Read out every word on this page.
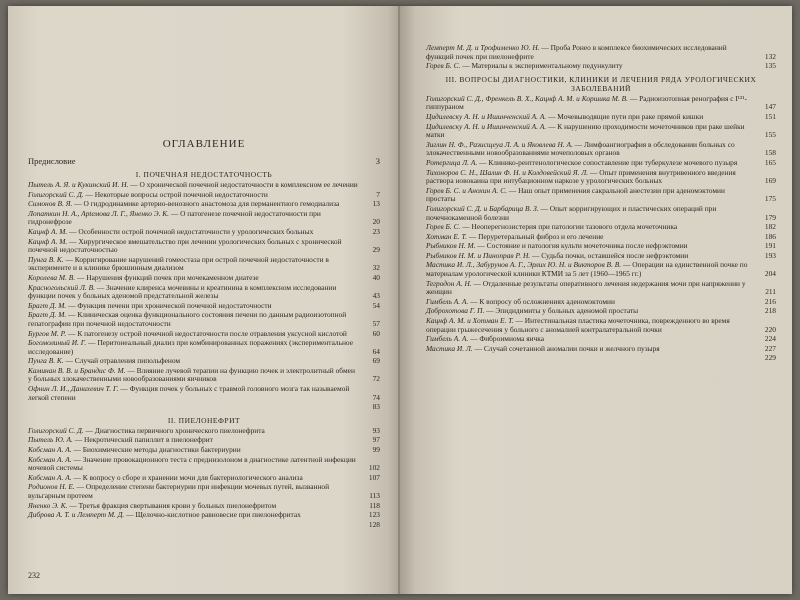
ОГЛАВЛЕНИЕ
Предисловие	3
I. ПОЧЕЧНАЯ НЕДОСТАТОЧНОСТЬ
Пытель А. Я. и Кукинский И. Н. — О хронической почечной недостаточности в комплексном ее лечении
Голигорский С. Д. — Некоторые вопросы острой почечной недостаточности	7
Симонов В. Я. — О гидродинамике артерио-венозного анастомоза для перманентного гемодиализа	13
Лопаткин Н. А., Арtемова Л. Г., Яненко Э. К. — О патогенезе почечной недостаточности при гидронефрозе	20
Кацнф А. М. — Особенности острой почечной недостаточности у урологических больных	23
Кацнф А. М. — Хирургическое вмешательство при лечении урологических больных с хронической почечной недостаточностью	29
Пунга В. К. — Корригирование нарушений гомеостаза при острой почечной недостаточности в эксперименте и в клинике брюшинным диализом	32
Королева М. В. — Нарушения функций почек при мочекаменном диатезе	40
Красногольский Л. В. — Значение клиренса мочевины и креатинина в комплексном исследовании функции почек у больных аденомой предстательной железы	43
Брагт Д. М. — Функция печени при хронической почечной недостаточности	54
Брагт Д. М. — Клиническая оценка функционального состояния печени по данным радиоизотопной гепатографии при почечной недостаточности	57
Бургов М. Р. — К патогенезу острой почечной недостаточности после отравления уксусной кислотой	60
Богомолиный И. Г. — Перитонеальный диализ при комбинированных поражениях (экспериментальное исследование)	64
Пунга В. К. — Случай отравления пипольфеном	69
Каминан В. В. и Брандис Ф. М. — Влияние лучевой терапии на функцию почек и электролитный обмен у больных злокачественными новообразованиями яичников	72
Офнин Л. И., Данихевич Т. Г. — Функция почек у больных с травмой головного мозга так называемой легкой степени	74
83
II. ПИЕЛОНЕФРИТ
Голигорский С. Д. — Диагностика первичного хронического пиелонефрита	93
Пытель Ю. А. — Некротический папиллит в пиелонефрит	97
Кобсман А. А. — Биохимические методы диагностики бактериурии	99
Кобсман А. А. — Значение провокационного теста с преднизолоном в диагностике латентной инфекции мочевой системы	102
Кобсман А. А. — К вопросу о сборе и хранении мочи для бактериологического анализа	107
Родионов Н. Е. — Определение степени бактериурии при инфекции мочевых путей, вызванной вульгарным протеем	113
Яненко Э. К. — Третья фракция свертывания крови у больных пиелонефритом	118
Диброва А. Т. и Лемперт М. Д. — Щелочно-кислотное равновесие при пиелонефритах	123
128
232
Лемперт М. Д. и Трофименко Ю. Н. — Проба Ронео в комплексе биохимических исследований функций почек при пиелонефрите	132
Горев Б. С. — Материалы к экспериментальному педункулиту	135
III. ВОПРОСЫ ДИАГНОСТИКИ, КЛИНИКИ И ЛЕЧЕНИЯ РЯДА УРОЛОГИЧЕСКИХ ЗАБОЛЕВАНИЙ
Голигорский С. Д., Френкель В. Х., Кацнф А. М. и Коршика М. В. — Радиоизотопная ренография с I¹³¹-гиппураном	147
Цидилевску А. Н. и Ишинченский А. А. — Мочевыводящие пути при раке прямой кишки	151
Цидилевску А. Н. и Ишинченский А. А. — К нарушению проходимости мочеточников при раке шейки матки	155
Зиглин Н. Ф., Разисщеуа Л. А. и Яковлева Н. А. — Лимфоангиография в обследовании больных со злокачественными новообразованиями мочеполовых органов	158
Ротергица Л. А. — Клинико-рентгенологическое сопоставление при туберкулезе мочевого пузыря	165
Тихоноров С. Н., Шалин Ф. Н. и Колдовейский Я. Л. — Опыт применения внутривенного введения раствора новокаина при интубационном наркозе у урологических больных	169
Горев Б. С. и Анохин А. С. — Наш опыт применения сакральной анестезии при аденомэктомии простаты	175
Голигорский С. Д. и Барбарица В. З. — Опыт корригирующих и пластических операций при почечнокаменной болезни	179
Горев Б. С. — Неоперегнозистерия при патологии тазового отдела мочеточника	182
Хотман Е. Т. — Перуретеральный фиброз и его лечение	186
Рыбников Н. М. — Состояние и патология культи мочеточника после нефрэктомии	191
Рыбников Н. М. и Пиноправ Р. Н. — Судьба почки, оставшейся после нефрэктомии	193
Мастика И. Л., Забурунов А. Г., Эрлих Ю. Н. и Викторов В. В. — Операции на единственной почке по материалам урологической клиники КТМИ за 5 лет (1960—1965 гг.)	204
Тегродон А. Н. — Отдаленные результаты оперативного лечения недержания мочи при напряжении у женщин	211
Гимбель А. А. — К вопросу об осложнениях аденомэктомии	216
Доброхотова Г. П. — Эпидидимиты у больных аденомой простаты	218
Кацнф А. М. и Хотман Е. Т. — Интестинальная пластика мочеточника, поврежденного во время операции грыжесечения у больного с аномалией контралатеральной почки	220
Гимбель А. А. — Фиброимиома яичка	224
Мастика И. Л. — Случай сочетанной аномалии почки и желчного пузыря	227
229
